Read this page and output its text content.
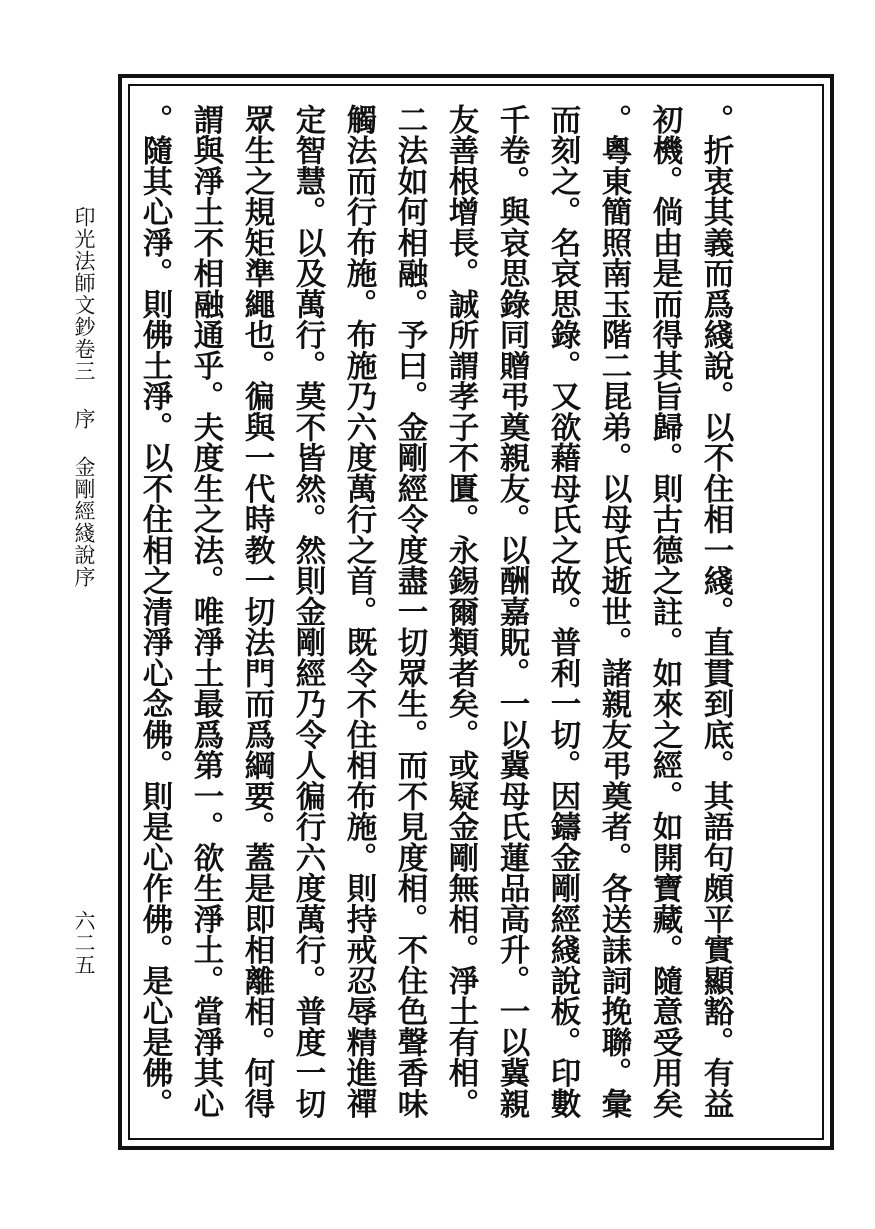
。折衷其義而爲綫說。以不住相一綫。直貫到底。其語句頗平實顯豁。有益
初機。倘由是而得其旨歸。則古德之註。如來之經。如開寶藏。隨意受用矣
。粵東簡照南玉階二昆弟。以母氏逝世。諸親友弔奠者。各送誄詞挽聯。彙
而刻之。名哀思錄。又欲藉母氏之故。普利一切。因鑄金剛經綫說板。印數
千卷。與哀思錄同贈弔奠親友。以酬嘉貺。一以冀母氏蓮品高升。一以冀親
友善根增長。誠所謂孝子不匱。永錫爾類者矣。或疑金剛無相。淨土有相。
二法如何相融。予曰。金剛經令度盡一切眾生。而不見度相。不住色聲香味
觸法而行布施。布施乃六度萬行之首。既令不住相布施。則持戒忍辱精進禪
定智慧。以及萬行。莫不皆然。然則金剛經乃令人徧行六度萬行。普度一切
眾生之規矩準繩也。徧與一代時教一切法門而爲綱要。蓋是即相離相。何得
謂與淨土不相融通乎。夫度生之法。唯淨土最爲第一。欲生淨土。當淨其心
。隨其心淨。則佛土淨。以不住相之清淨心念佛。則是心作佛。是心是佛。
印光法師文鈔卷三序金剛經綫說序
六二五
